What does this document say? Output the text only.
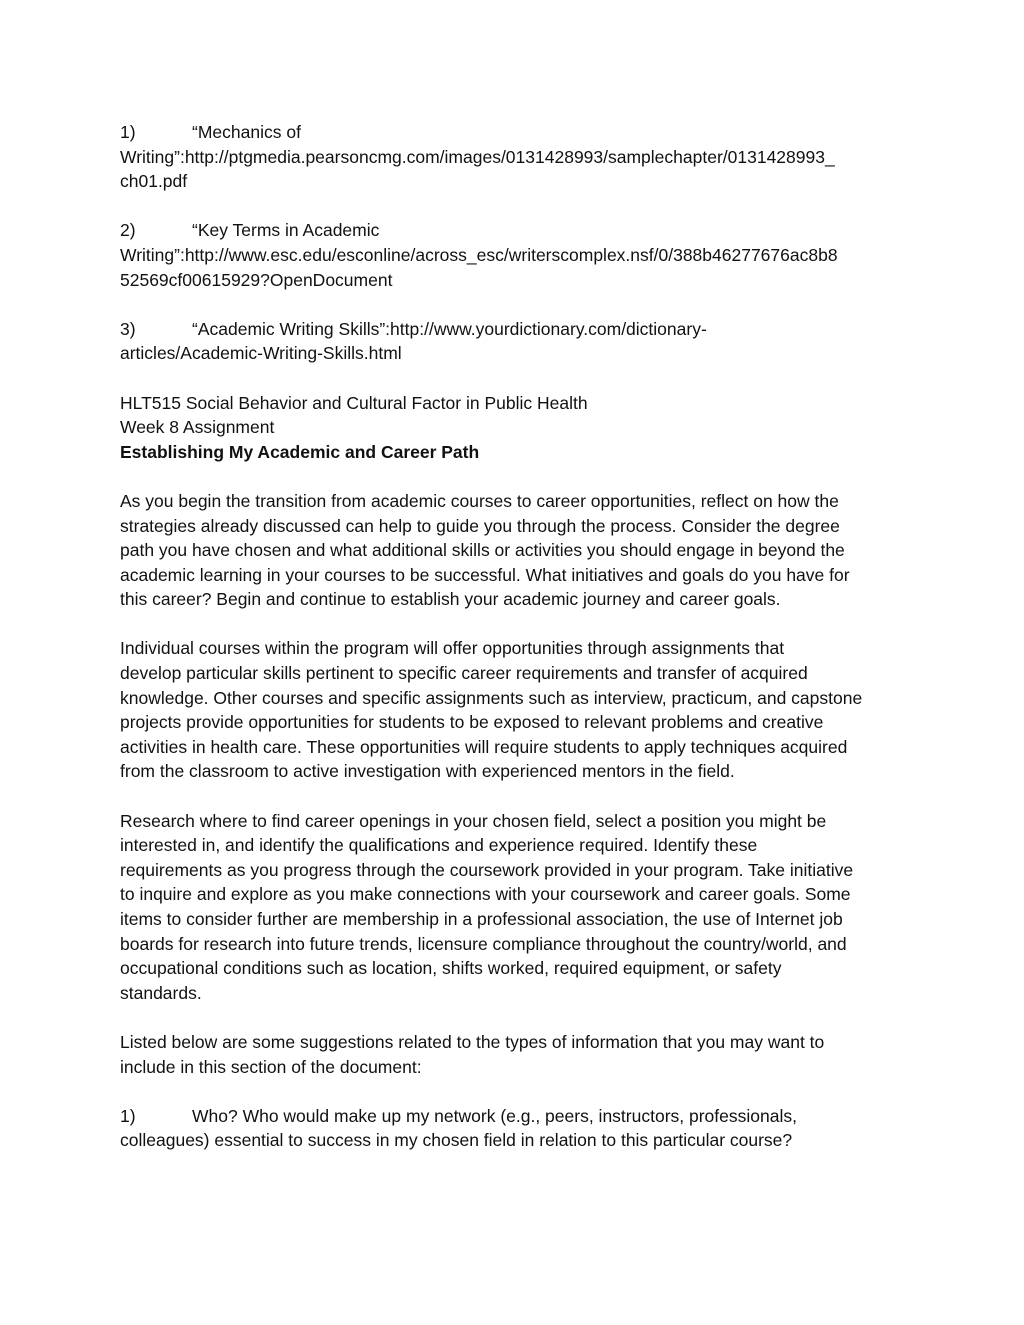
1)	“Mechanics of
Writing”:http://ptgmedia.pearsoncmg.com/images/0131428993/samplechapter/0131428993_
ch01.pdf
2)	“Key Terms in Academic
Writing”:http://www.esc.edu/esconline/across_esc/writerscomplex.nsf/0/388b46277676ac8b8
52569cf00615929?OpenDocument
3)	“Academic Writing Skills”:http://www.yourdictionary.com/dictionary-
articles/Academic-Writing-Skills.html
HLT515 Social Behavior and Cultural Factor in Public Health
Week 8 Assignment
Establishing My Academic and Career Path
As you begin the transition from academic courses to career opportunities, reflect on how the
strategies already discussed can help to guide you through the process. Consider the degree
path you have chosen and what additional skills or activities you should engage in beyond the
academic learning in your courses to be successful. What initiatives and goals do you have for
this career? Begin and continue to establish your academic journey and career goals.
Individual courses within the program will offer opportunities through assignments that
develop particular skills pertinent to specific career requirements and transfer of acquired
knowledge. Other courses and specific assignments such as interview, practicum, and capstone
projects provide opportunities for students to be exposed to relevant problems and creative
activities in health care. These opportunities will require students to apply techniques acquired
from the classroom to active investigation with experienced mentors in the field.
Research where to find career openings in your chosen field, select a position you might be
interested in, and identify the qualifications and experience required. Identify these
requirements as you progress through the coursework provided in your program. Take initiative
to inquire and explore as you make connections with your coursework and career goals. Some
items to consider further are membership in a professional association, the use of Internet job
boards for research into future trends, licensure compliance throughout the country/world, and
occupational conditions such as location, shifts worked, required equipment, or safety
standards.
Listed below are some suggestions related to the types of information that you may want to
include in this section of the document:
1)	Who? Who would make up my network (e.g., peers, instructors, professionals,
colleagues) essential to success in my chosen field in relation to this particular course?
